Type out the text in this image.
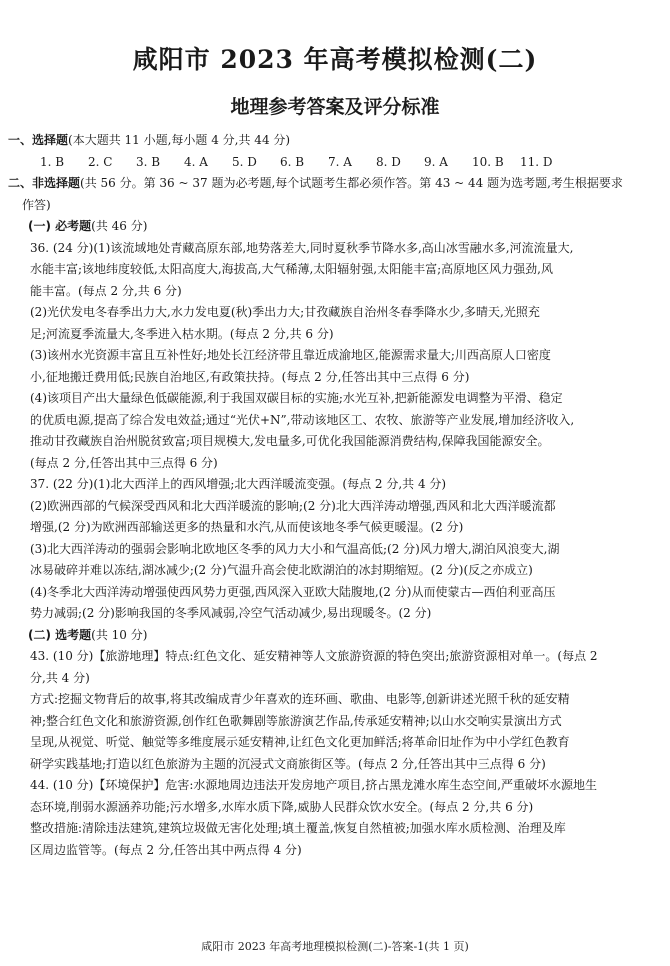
咸阳市 2023 年高考模拟检测(二)
地理参考答案及评分标准

一、选择题(本大题共 11 小题,每小题 4 分,共 44 分)

1. B 2. C 3. B 4. A 5. D 6. B 7. A 8. D 9. A 10. B 11. D

二、非选择题(共 56 分。第 36 ~ 37 题为必考题,每个试题考生都必须作答。第 43 ~ 44 题为选考题,考生根据要求

作答)

(一) 必考题(共 46 分)

36. (24 分)(1)该流域地处青藏高原东部,地势落差大,同时夏秋季节降水多,高山冰雪融水多,河流流量大,

水能丰富;该地纬度较低,太阳高度大,海拔高,大气稀薄,太阳辐射强,太阳能丰富;高原地区风力强劲,风

能丰富。(每点 2 分,共 6 分)

(2)光伏发电冬春季出力大,水力发电夏(秋)季出力大;甘孜藏族自治州冬春季降水少,多晴天,光照充

足;河流夏季流量大,冬季进入枯水期。(每点 2 分,共 6 分)

(3)该州水光资源丰富且互补性好;地处长江经济带且靠近成渝地区,能源需求量大;川西高原人口密度

小,征地搬迁费用低;民族自治地区,有政策扶持。(每点 2 分,任答出其中三点得 6 分)

(4)该项目产出大量绿色低碳能源,利于我国双碳目标的实施;水光互补,把新能源发电调整为平滑、稳定

的优质电源,提高了综合发电效益;通过“光伏+N”,带动该地区工、农牧、旅游等产业发展,增加经济收入,

推动甘孜藏族自治州脱贫致富;项目规模大,发电量多,可优化我国能源消费结构,保障我国能源安全。

(每点 2 分,任答出其中三点得 6 分)

37. (22 分)(1)北大西洋上的西风增强;北大西洋暖流变强。(每点 2 分,共 4 分)

(2)欧洲西部的气候深受西风和北大西洋暖流的影响;(2 分)北大西洋涛动增强,西风和北大西洋暖流都

增强,(2 分)为欧洲西部输送更多的热量和水汽,从而使该地冬季气候更暖湿。(2 分)

(3)北大西洋涛动的强弱会影响北欧地区冬季的风力大小和气温高低;(2 分)风力增大,湖泊风浪变大,湖

冰易破碎并难以冻结,湖冰减少;(2 分)气温升高会使北欧湖泊的冰封期缩短。(2 分)(反之亦成立)

(4)冬季北大西洋涛动增强使西风势力更强,西风深入亚欧大陆腹地,(2 分)从而使蒙古—西伯利亚高压

势力减弱;(2 分)影响我国的冬季风减弱,冷空气活动减少,易出现暖冬。(2 分)

(二) 选考题(共 10 分)

43. (10 分)【旅游地理】特点:红色文化、延安精神等人文旅游资源的特色突出;旅游资源相对单一。(每点 2

分,共 4 分)

方式:挖掘文物背后的故事,将其改编成青少年喜欢的连环画、歌曲、电影等,创新讲述光照千秋的延安精

神;整合红色文化和旅游资源,创作红色歌舞剧等旅游演艺作品,传承延安精神;以山水交响实景演出方式

呈现,从视觉、听觉、触觉等多维度展示延安精神,让红色文化更加鲜活;将革命旧址作为中小学红色教育

研学实践基地;打造以红色旅游为主题的沉浸式文商旅街区等。(每点 2 分,任答出其中三点得 6 分)

44. (10 分)【环境保护】危害:水源地周边违法开发房地产项目,挤占黑龙滩水库生态空间,严重破坏水源地生

态环境,削弱水源涵养功能;污水增多,水库水质下降,威胁人民群众饮水安全。(每点 2 分,共 6 分)

整改措施:清除违法建筑,建筑垃圾做无害化处理;填土覆盖,恢复自然植被;加强水库水质检测、治理及库

区周边监管等。(每点 2 分,任答出其中两点得 4 分)

咸阳市 2023 年高考地理模拟检测(二)-答案-1(共 1 页)
